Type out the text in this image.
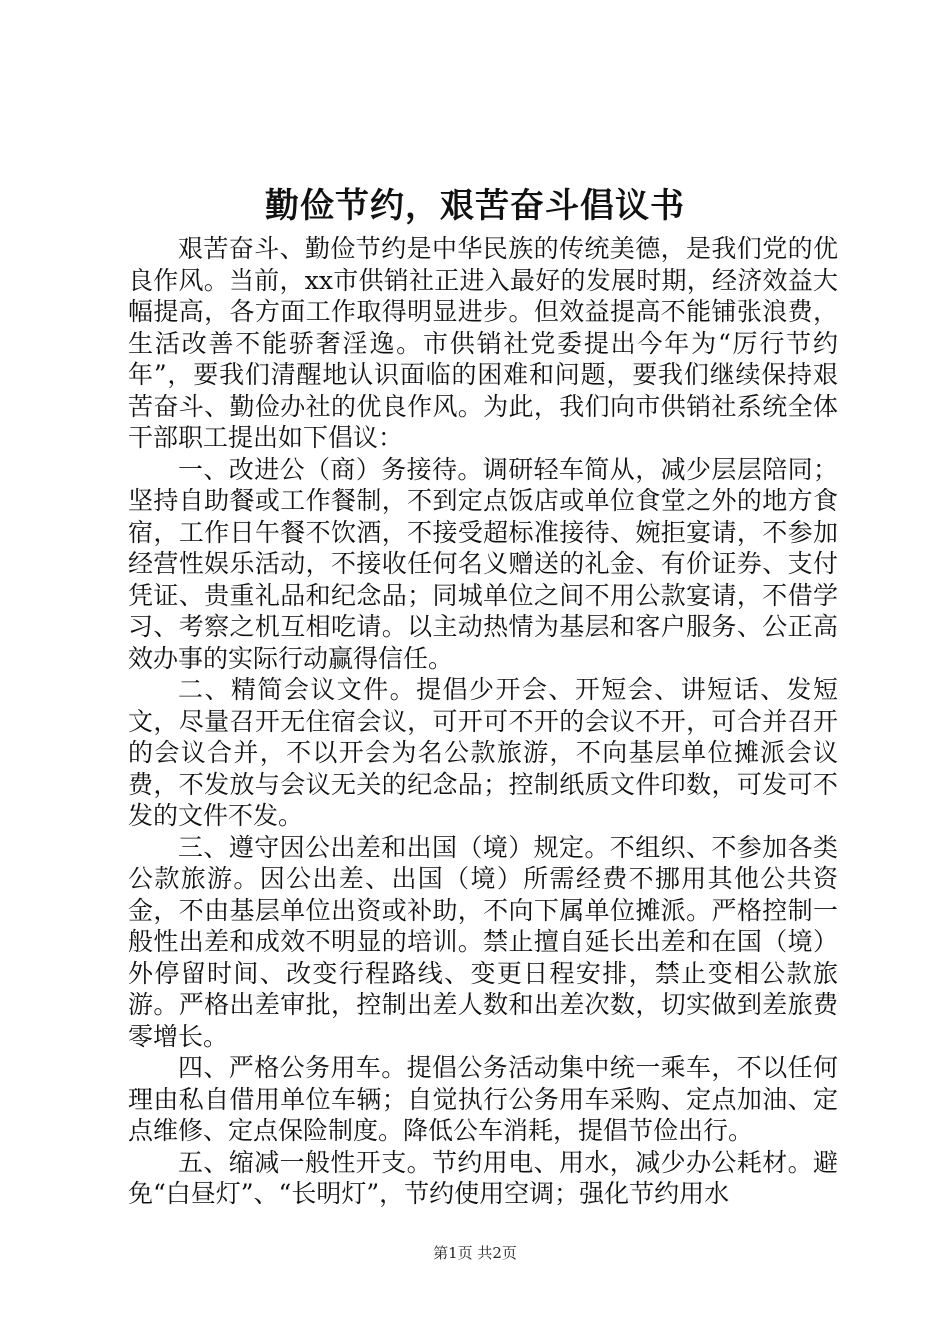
勤俭节约，艰苦奋斗倡议书

艰苦奋斗、勤俭节约是中华民族的传统美德，是我们党的优良作风。当前，xx市供销社正进入最好的发展时期，经济效益大幅提高，各方面工作取得明显进步。但效益提高不能铺张浪费，生活改善不能骄奢淫逸。市供销社党委提出今年为“厉行节约年”，要我们清醒地认识面临的困难和问题，要我们继续保持艰苦奋斗、勤俭办社的优良作风。为此，我们向市供销社系统全体干部职工提出如下倡议：

一、改进公（商）务接待。调研轻车简从，减少层层陪同；坚持自助餐或工作餐制，不到定点饭店或单位食堂之外的地方食宿，工作日午餐不饮酒，不接受超标准接待、婉拒宴请，不参加经营性娱乐活动，不接收任何名义赠送的礼金、有价证券、支付凭证、贵重礼品和纪念品；同城单位之间不用公款宴请，不借学习、考察之机互相吃请。以主动热情为基层和客户服务、公正高效办事的实际行动赢得信任。

二、精简会议文件。提倡少开会、开短会、讲短话、发短文，尽量召开无住宿会议，可开可不开的会议不开，可合并召开的会议合并，不以开会为名公款旅游，不向基层单位摊派会议费，不发放与会议无关的纪念品；控制纸质文件印数，可发可不发的文件不发。

三、遵守因公出差和出国（境）规定。不组织、不参加各类公款旅游。因公出差、出国（境）所需经费不挪用其他公共资金，不由基层单位出资或补助，不向下属单位摊派。严格控制一般性出差和成效不明显的培训。禁止擅自延长出差和在国（境）外停留时间、改变行程路线、变更日程安排，禁止变相公款旅游。严格出差审批，控制出差人数和出差次数，切实做到差旅费零增长。

四、严格公务用车。提倡公务活动集中统一乘车，不以任何理由私自借用单位车辆；自觉执行公务用车采购、定点加油、定点维修、定点保险制度。降低公车消耗，提倡节俭出行。

五、缩减一般性开支。节约用电、用水，减少办公耗材。避免“白昼灯”、“长明灯”，节约使用空调；强化节约用水

第1页 共2页
